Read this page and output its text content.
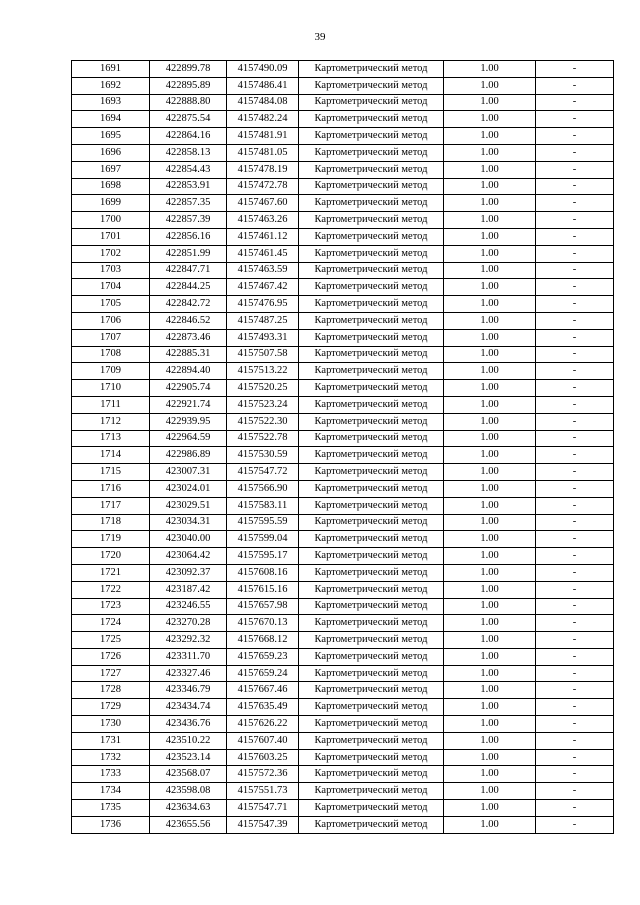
39
1691	422899.78	4157490.09	Картометрический метод	1.00	-
1692	422895.89	4157486.41	Картометрический метод	1.00	-
1693	422888.80	4157484.08	Картометрический метод	1.00	-
1694	422875.54	4157482.24	Картометрический метод	1.00	-
1695	422864.16	4157481.91	Картометрический метод	1.00	-
1696	422858.13	4157481.05	Картометрический метод	1.00	-
1697	422854.43	4157478.19	Картометрический метод	1.00	-
1698	422853.91	4157472.78	Картометрический метод	1.00	-
1699	422857.35	4157467.60	Картометрический метод	1.00	-
1700	422857.39	4157463.26	Картометрический метод	1.00	-
1701	422856.16	4157461.12	Картометрический метод	1.00	-
1702	422851.99	4157461.45	Картометрический метод	1.00	-
1703	422847.71	4157463.59	Картометрический метод	1.00	-
1704	422844.25	4157467.42	Картометрический метод	1.00	-
1705	422842.72	4157476.95	Картометрический метод	1.00	-
1706	422846.52	4157487.25	Картометрический метод	1.00	-
1707	422873.46	4157493.31	Картометрический метод	1.00	-
1708	422885.31	4157507.58	Картометрический метод	1.00	-
1709	422894.40	4157513.22	Картометрический метод	1.00	-
1710	422905.74	4157520.25	Картометрический метод	1.00	-
1711	422921.74	4157523.24	Картометрический метод	1.00	-
1712	422939.95	4157522.30	Картометрический метод	1.00	-
1713	422964.59	4157522.78	Картометрический метод	1.00	-
1714	422986.89	4157530.59	Картометрический метод	1.00	-
1715	423007.31	4157547.72	Картометрический метод	1.00	-
1716	423024.01	4157566.90	Картометрический метод	1.00	-
1717	423029.51	4157583.11	Картометрический метод	1.00	-
1718	423034.31	4157595.59	Картометрический метод	1.00	-
1719	423040.00	4157599.04	Картометрический метод	1.00	-
1720	423064.42	4157595.17	Картометрический метод	1.00	-
1721	423092.37	4157608.16	Картометрический метод	1.00	-
1722	423187.42	4157615.16	Картометрический метод	1.00	-
1723	423246.55	4157657.98	Картометрический метод	1.00	-
1724	423270.28	4157670.13	Картометрический метод	1.00	-
1725	423292.32	4157668.12	Картометрический метод	1.00	-
1726	423311.70	4157659.23	Картометрический метод	1.00	-
1727	423327.46	4157659.24	Картометрический метод	1.00	-
1728	423346.79	4157667.46	Картометрический метод	1.00	-
1729	423434.74	4157635.49	Картометрический метод	1.00	-
1730	423436.76	4157626.22	Картометрический метод	1.00	-
1731	423510.22	4157607.40	Картометрический метод	1.00	-
1732	423523.14	4157603.25	Картометрический метод	1.00	-
1733	423568.07	4157572.36	Картометрический метод	1.00	-
1734	423598.08	4157551.73	Картометрический метод	1.00	-
1735	423634.63	4157547.71	Картометрический метод	1.00	-
1736	423655.56	4157547.39	Картометрический метод	1.00	-
